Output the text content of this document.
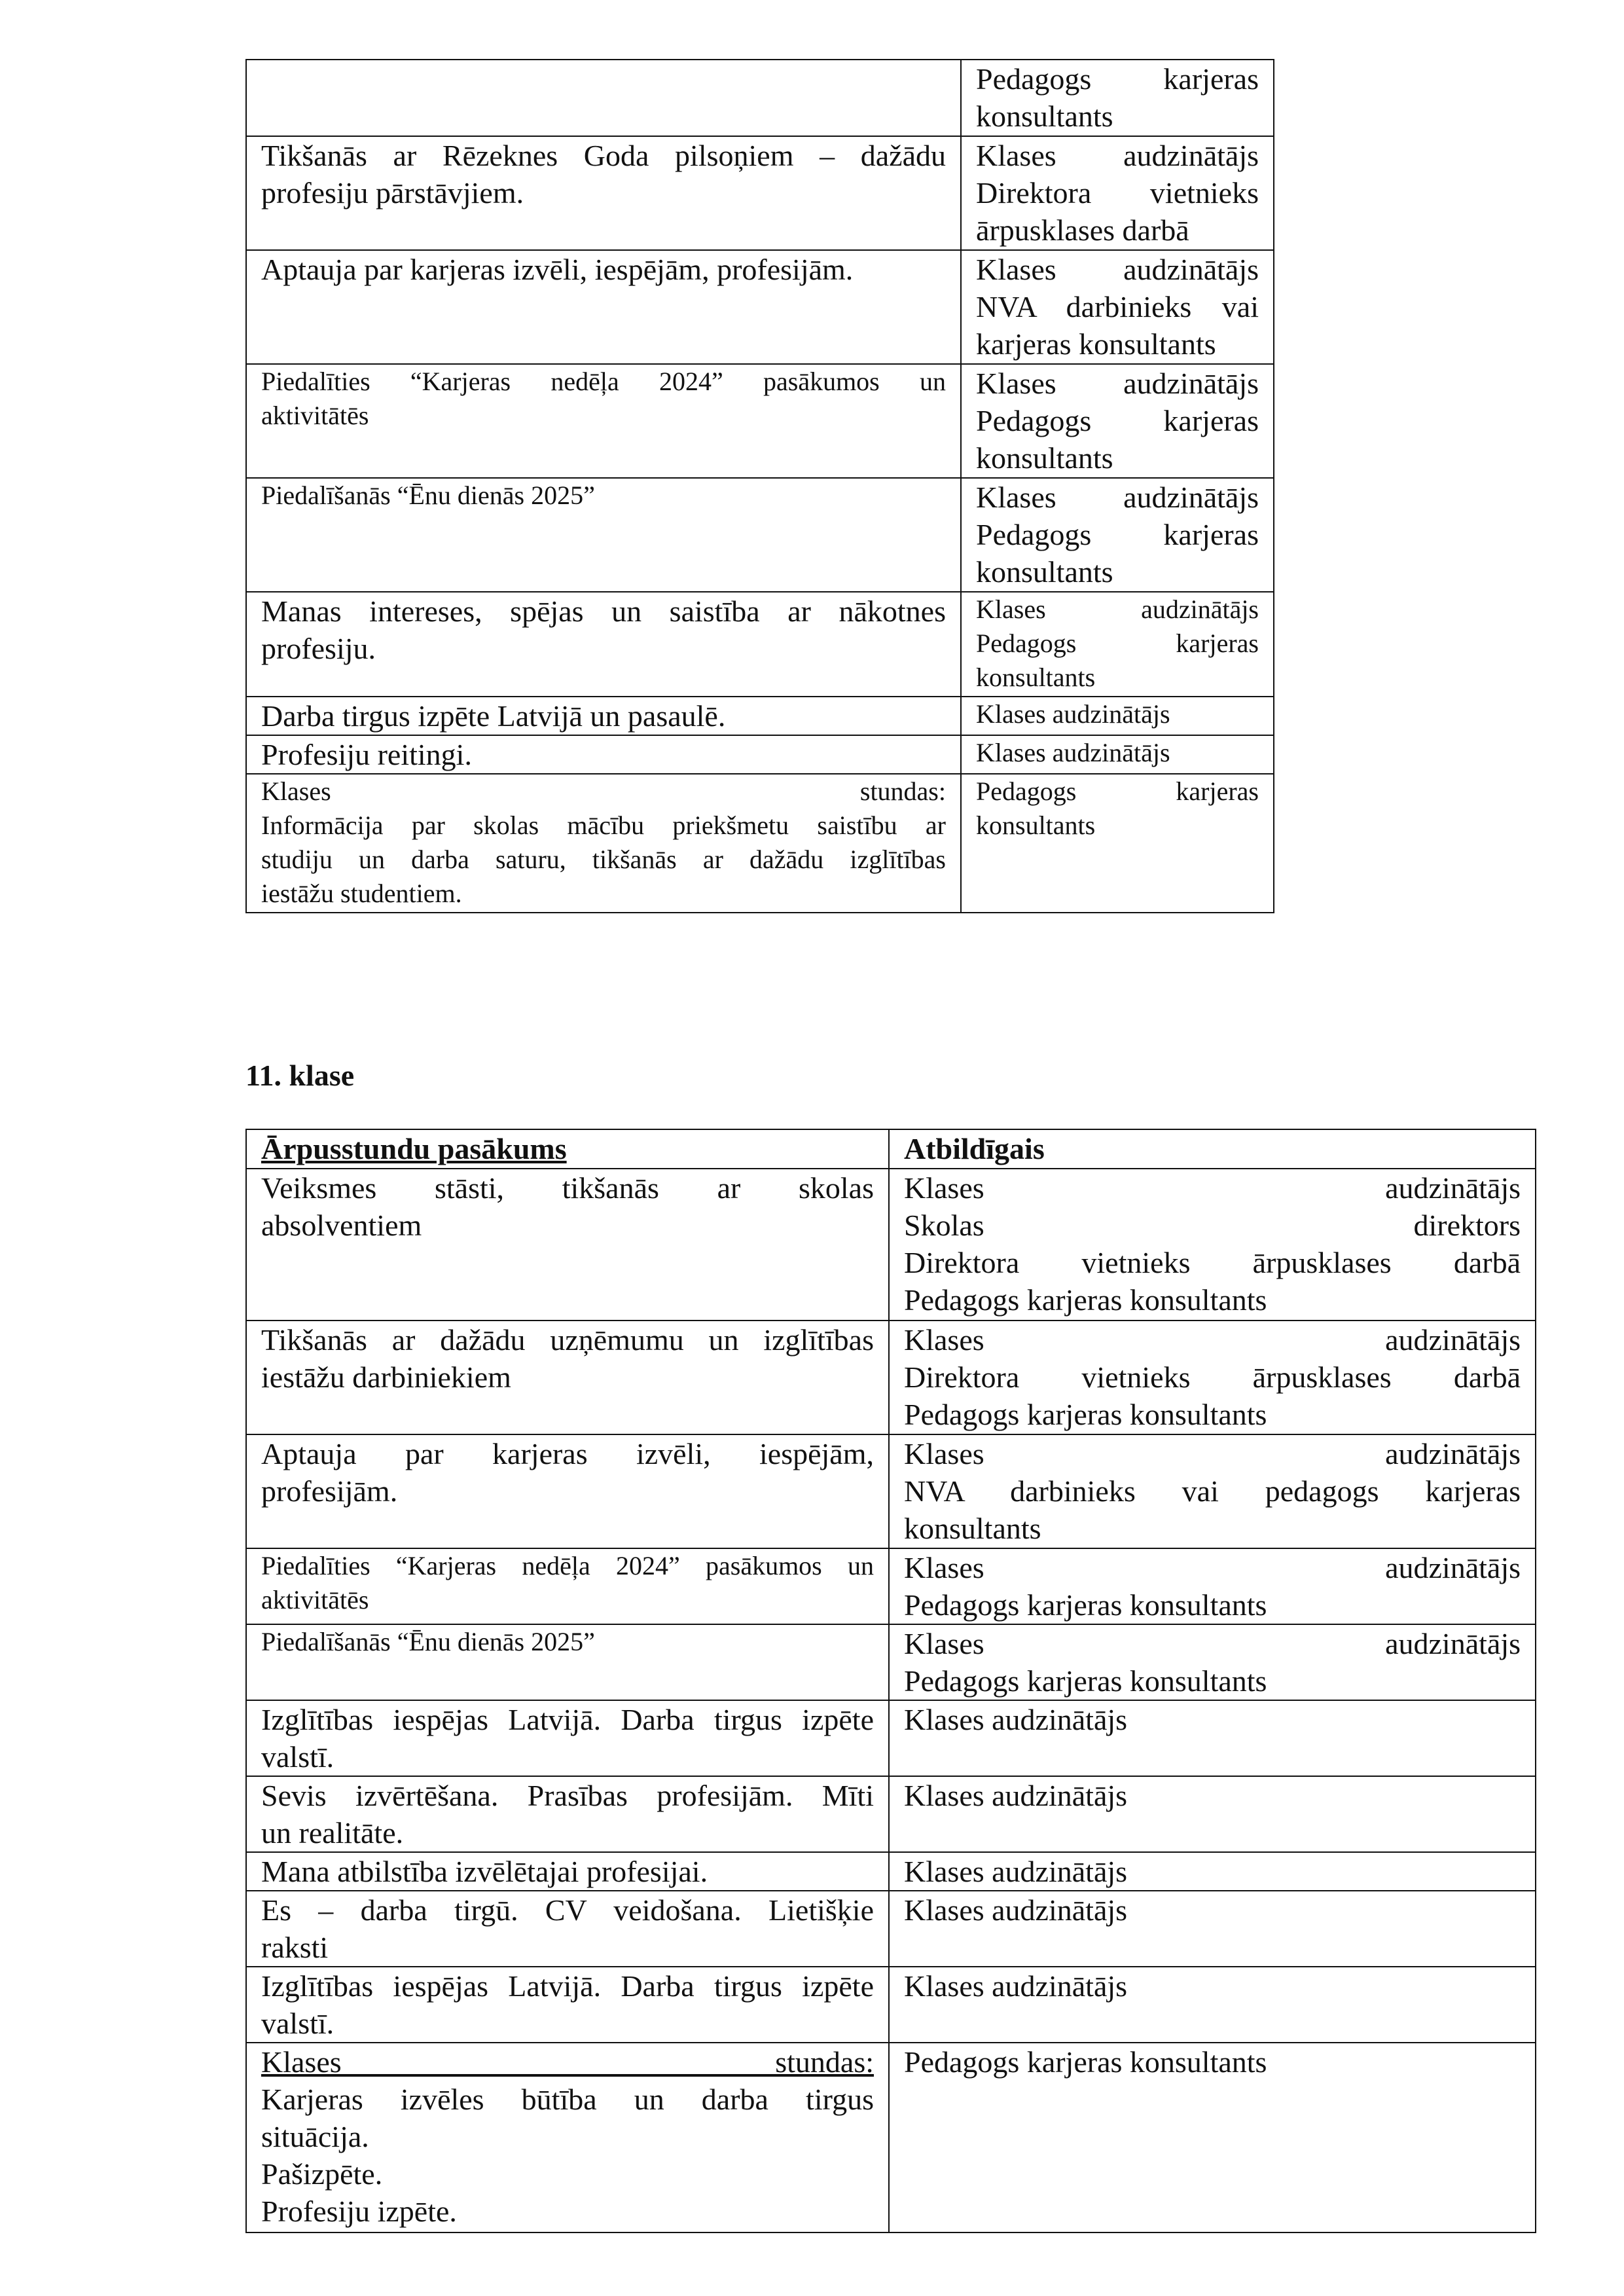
	Pedagogs karjeras
konsultants

Tikšanās ar Rēzeknes Goda pilsoņiem – dažādu
profesiju pārstāvjiem.	Klases audzinātājs
Direktora vietnieks
ārpusklases darbā

Aptauja par karjeras izvēli, iespējām, profesijām.	Klases audzinātājs
NVA darbinieks vai
karjeras konsultants

Piedalīties “Karjeras nedēļa 2024” pasākumos un
aktivitātēs	Klases audzinātājs
Pedagogs karjeras
konsultants

Piedalīšanās “Ēnu dienās 2025”	Klases audzinātājs
Pedagogs karjeras
konsultants

Manas intereses, spējas un saistība ar nākotnes
profesiju.	Klases audzinātājs
Pedagogs karjeras
konsultants

Darba tirgus izpēte Latvijā un pasaulē.	Klases audzinātājs

Profesiju reitingi.	Klases audzinātājs

Klases stundas:
Informācija par skolas mācību priekšmetu saistību ar
studiju un darba saturu, tikšanās ar dažādu izglītības
iestāžu studentiem.	Pedagogs karjeras
konsultants
11. klase
Ārpusstundu pasākums	Atbildīgais

Veiksmes stāsti, tikšanās ar skolas
absolventiem	Klases audzinātājs
Skolas direktors
Direktora vietnieks ārpusklases darbā
Pedagogs karjeras konsultants

Tikšanās ar dažādu uzņēmumu un izglītības
iestāžu darbiniekiem	Klases audzinātājs
Direktora vietnieks ārpusklases darbā
Pedagogs karjeras konsultants

Aptauja par karjeras izvēli, iespējām,
profesijām.	Klases audzinātājs
NVA darbinieks vai pedagogs karjeras
konsultants

Piedalīties “Karjeras nedēļa 2024” pasākumos un
aktivitātēs	Klases audzinātājs
Pedagogs karjeras konsultants

Piedalīšanās “Ēnu dienās 2025”	Klases audzinātājs
Pedagogs karjeras konsultants

Izglītības iespējas Latvijā. Darba tirgus izpēte
valstī.	Klases audzinātājs

Sevis izvērtēšana. Prasības profesijām. Mīti
un realitāte.	Klases audzinātājs

Mana atbilstība izvēlētajai profesijai.	Klases audzinātājs

Es – darba tirgū. CV veidošana. Lietišķie
raksti	Klases audzinātājs

Izglītības iespējas Latvijā. Darba tirgus izpēte
valstī.	Klases audzinātājs

Klases stundas:
Karjeras izvēles būtība un darba tirgus
situācija.
Pašizpēte.
Profesiju izpēte.	Pedagogs karjeras konsultants
